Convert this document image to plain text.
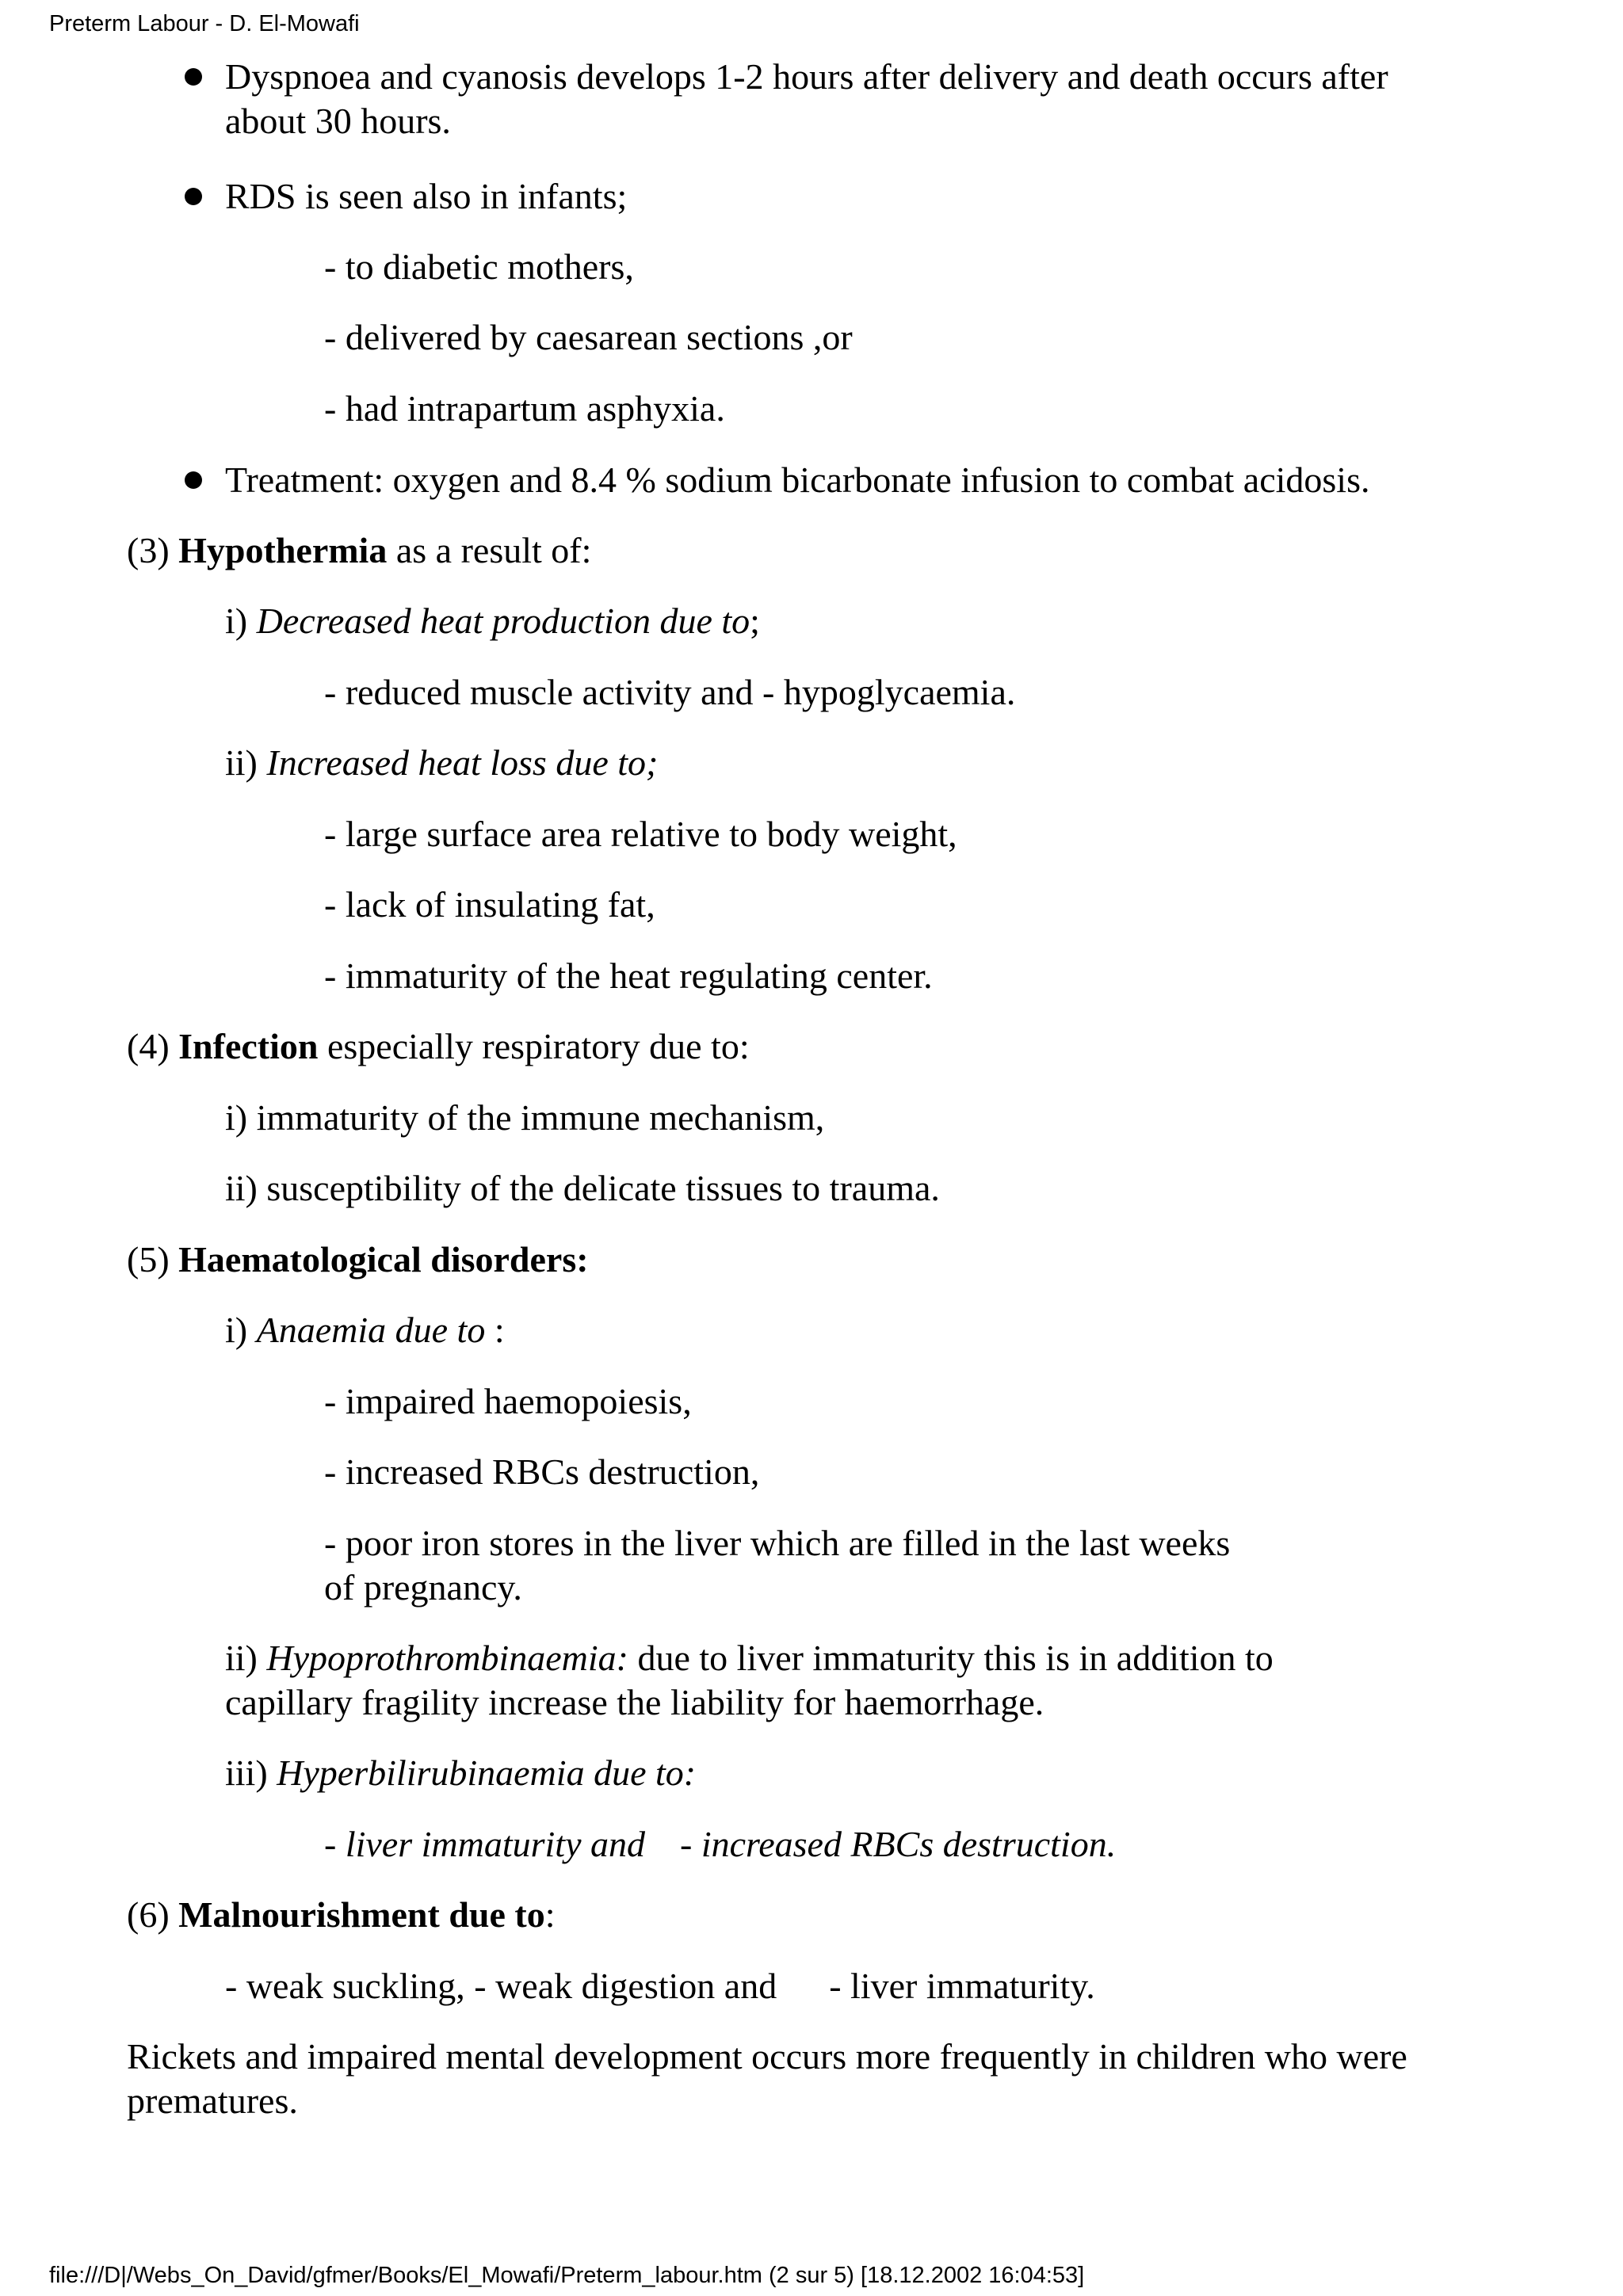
Preterm Labour - D. El-Mowafi
Dyspnoea and cyanosis develops 1-2 hours after delivery and death occurs after
about 30 hours.
RDS is seen also in infants;
- to diabetic mothers,
- delivered by caesarean sections ,or
- had intrapartum asphyxia.
Treatment: oxygen and 8.4 % sodium bicarbonate infusion to combat acidosis.
(3) Hypothermia as a result of:
i) Decreased heat production due to;
- reduced muscle activity and - hypoglycaemia.
ii) Increased heat loss due to;
- large surface area relative to body weight,
- lack of insulating fat,
- immaturity of the heat regulating center.
(4) Infection especially respiratory due to:
i) immaturity of the immune mechanism,
ii) susceptibility of the delicate tissues to trauma.
(5) Haematological disorders:
i) Anaemia due to :
- impaired haemopoiesis,
- increased RBCs destruction,
- poor iron stores in the liver which are filled in the last weeks
of pregnancy.
ii) Hypoprothrombinaemia: due to liver immaturity this is in addition to
capillary fragility increase the liability for haemorrhage.
iii) Hyperbilirubinaemia due to:
- liver immaturity and - increased RBCs destruction.
(6) Malnourishment due to:
- weak suckling, - weak digestion and - liver immaturity.
Rickets and impaired mental development occurs more frequently in children who were
prematures.
file:///D|/Webs_On_David/gfmer/Books/El_Mowafi/Preterm_labour.htm (2 sur 5) [18.12.2002 16:04:53]
